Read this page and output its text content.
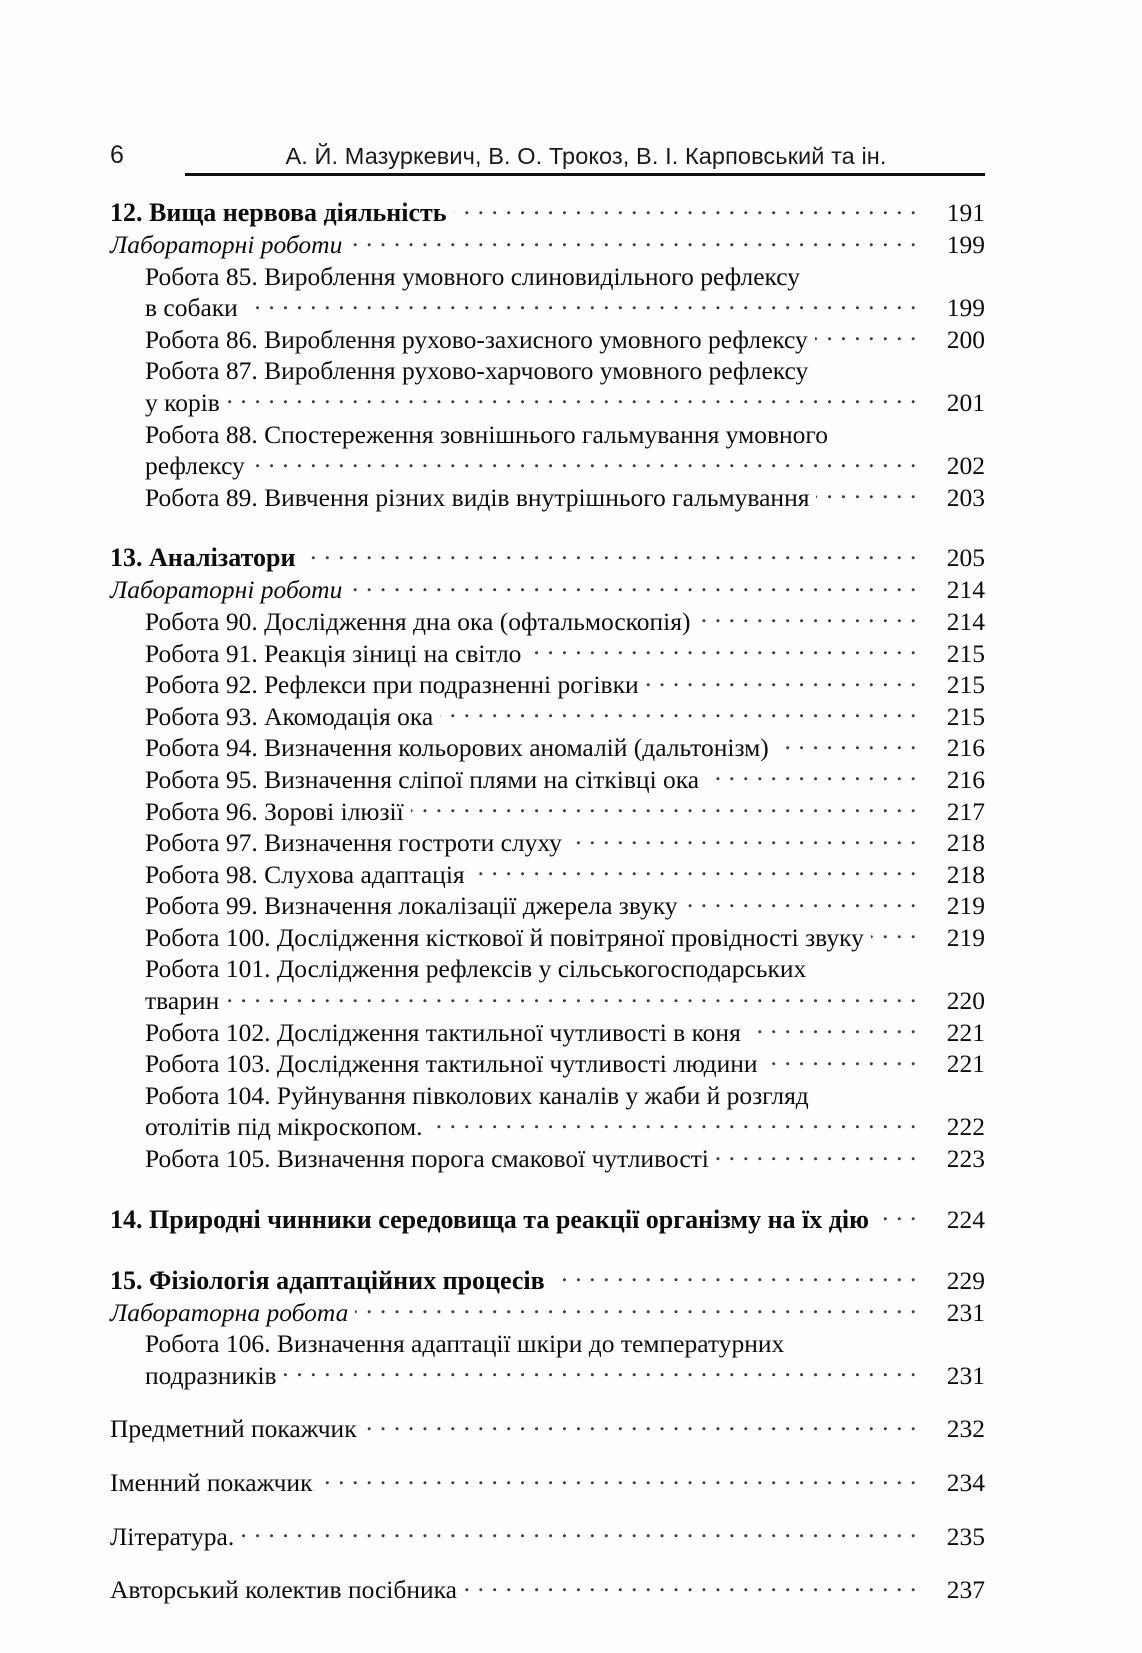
6	А. Й. Мазуркевич, В. О. Трокоз, В. І. Карповський та ін.
12. Вища нервова діяльність . . .	191
Лабораторні роботи . . .	199
Робота 85. Вироблення умовного слиновидільного рефлексу
в собаки . . .	199
Робота 86. Вироблення рухово-захисного умовного рефлексу . . .	200
Робота 87. Вироблення рухово-харчового умовного рефлексу
у корів . . .	201
Робота 88. Спостереження зовнішнього гальмування умовного
рефлексу . . .	202
Робота 89. Вивчення різних видів внутрішнього гальмування . . .	203
13. Аналізатори . . .	205
Лабораторні роботи . . .	214
Робота 90. Дослідження дна ока (офтальмоскопія) . . .	214
Робота 91. Реакція зіниці на світло . . .	215
Робота 92. Рефлекси при подразненні рогівки . . .	215
Робота 93. Акомодація ока . . .	215
Робота 94. Визначення кольорових аномалій (дальтонізм) . . .	216
Робота 95. Визначення сліпої плями на сітківці ока . . .	216
Робота 96. Зорові ілюзії . . .	217
Робота 97. Визначення гостроти слуху . . .	218
Робота 98. Слухова адаптація . . .	218
Робота 99. Визначення локалізації джерела звуку . . .	219
Робота 100. Дослідження кісткової й повітряної провідності звуку . . .	219
Робота 101. Дослідження рефлексів у сільськогосподарських
тварин . . .	220
Робота 102. Дослідження тактильної чутливості в коня . . .	221
Робота 103. Дослідження тактильної чутливості людини . . .	221
Робота 104. Руйнування півколових каналів у жаби й розгляд
отолітів під мікроскопом. . . .	222
Робота 105. Визначення порога смакової чутливості . . .	223
14. Природні чинники середовища та реакції організму на їх дію . . .	224
15. Фізіологія адаптаційних процесів . . .	229
Лабораторна робота . . .	231
Робота 106. Визначення адаптації шкіри до температурних
подразників . . .	231
Предметний покажчик . . .	232
Іменний покажчик . . .	234
Література. . . .	235
Авторський колектив посібника . . .	237
